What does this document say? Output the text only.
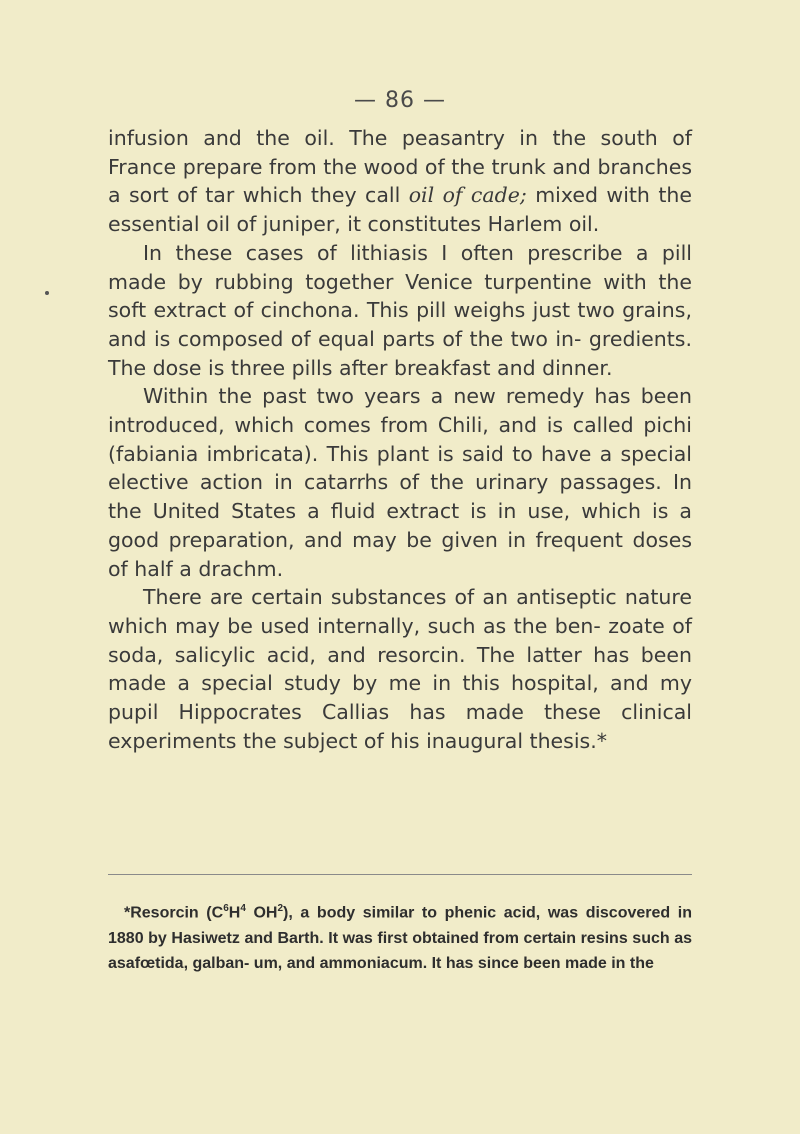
— 86 —

infusion and the oil. The peasantry in the south of France prepare from the wood of the trunk and branches a sort of tar which they call oil of cade; mixed with the essential oil of juniper, it constitutes Harlem oil.

In these cases of lithiasis I often prescribe a pill made by rubbing together Venice turpentine with the soft extract of cinchona. This pill weighs just two grains, and is composed of equal parts of the two in- gredients. The dose is three pills after breakfast and dinner.

Within the past two years a new remedy has been introduced, which comes from Chili, and is called pichi (fabiania imbricata). This plant is said to have a special elective action in catarrhs of the urinary passages. In the United States a fluid extract is in use, which is a good preparation, and may be given in frequent doses of half a drachm.

There are certain substances of an antiseptic nature which may be used internally, such as the ben- zoate of soda, salicylic acid, and resorcin. The latter has been made a special study by me in this hospital, and my pupil Hippocrates Callias has made these clinical experiments the subject of his inaugural thesis.*

*Resorcin ($C^6H^4$ $OH^2$), a body similar to phenic acid, was discovered in 1880 by Hasiwetz and Barth. It was first obtained from certain resins such as asafœtida, galban- um, and ammoniacum. It has since been made in the
